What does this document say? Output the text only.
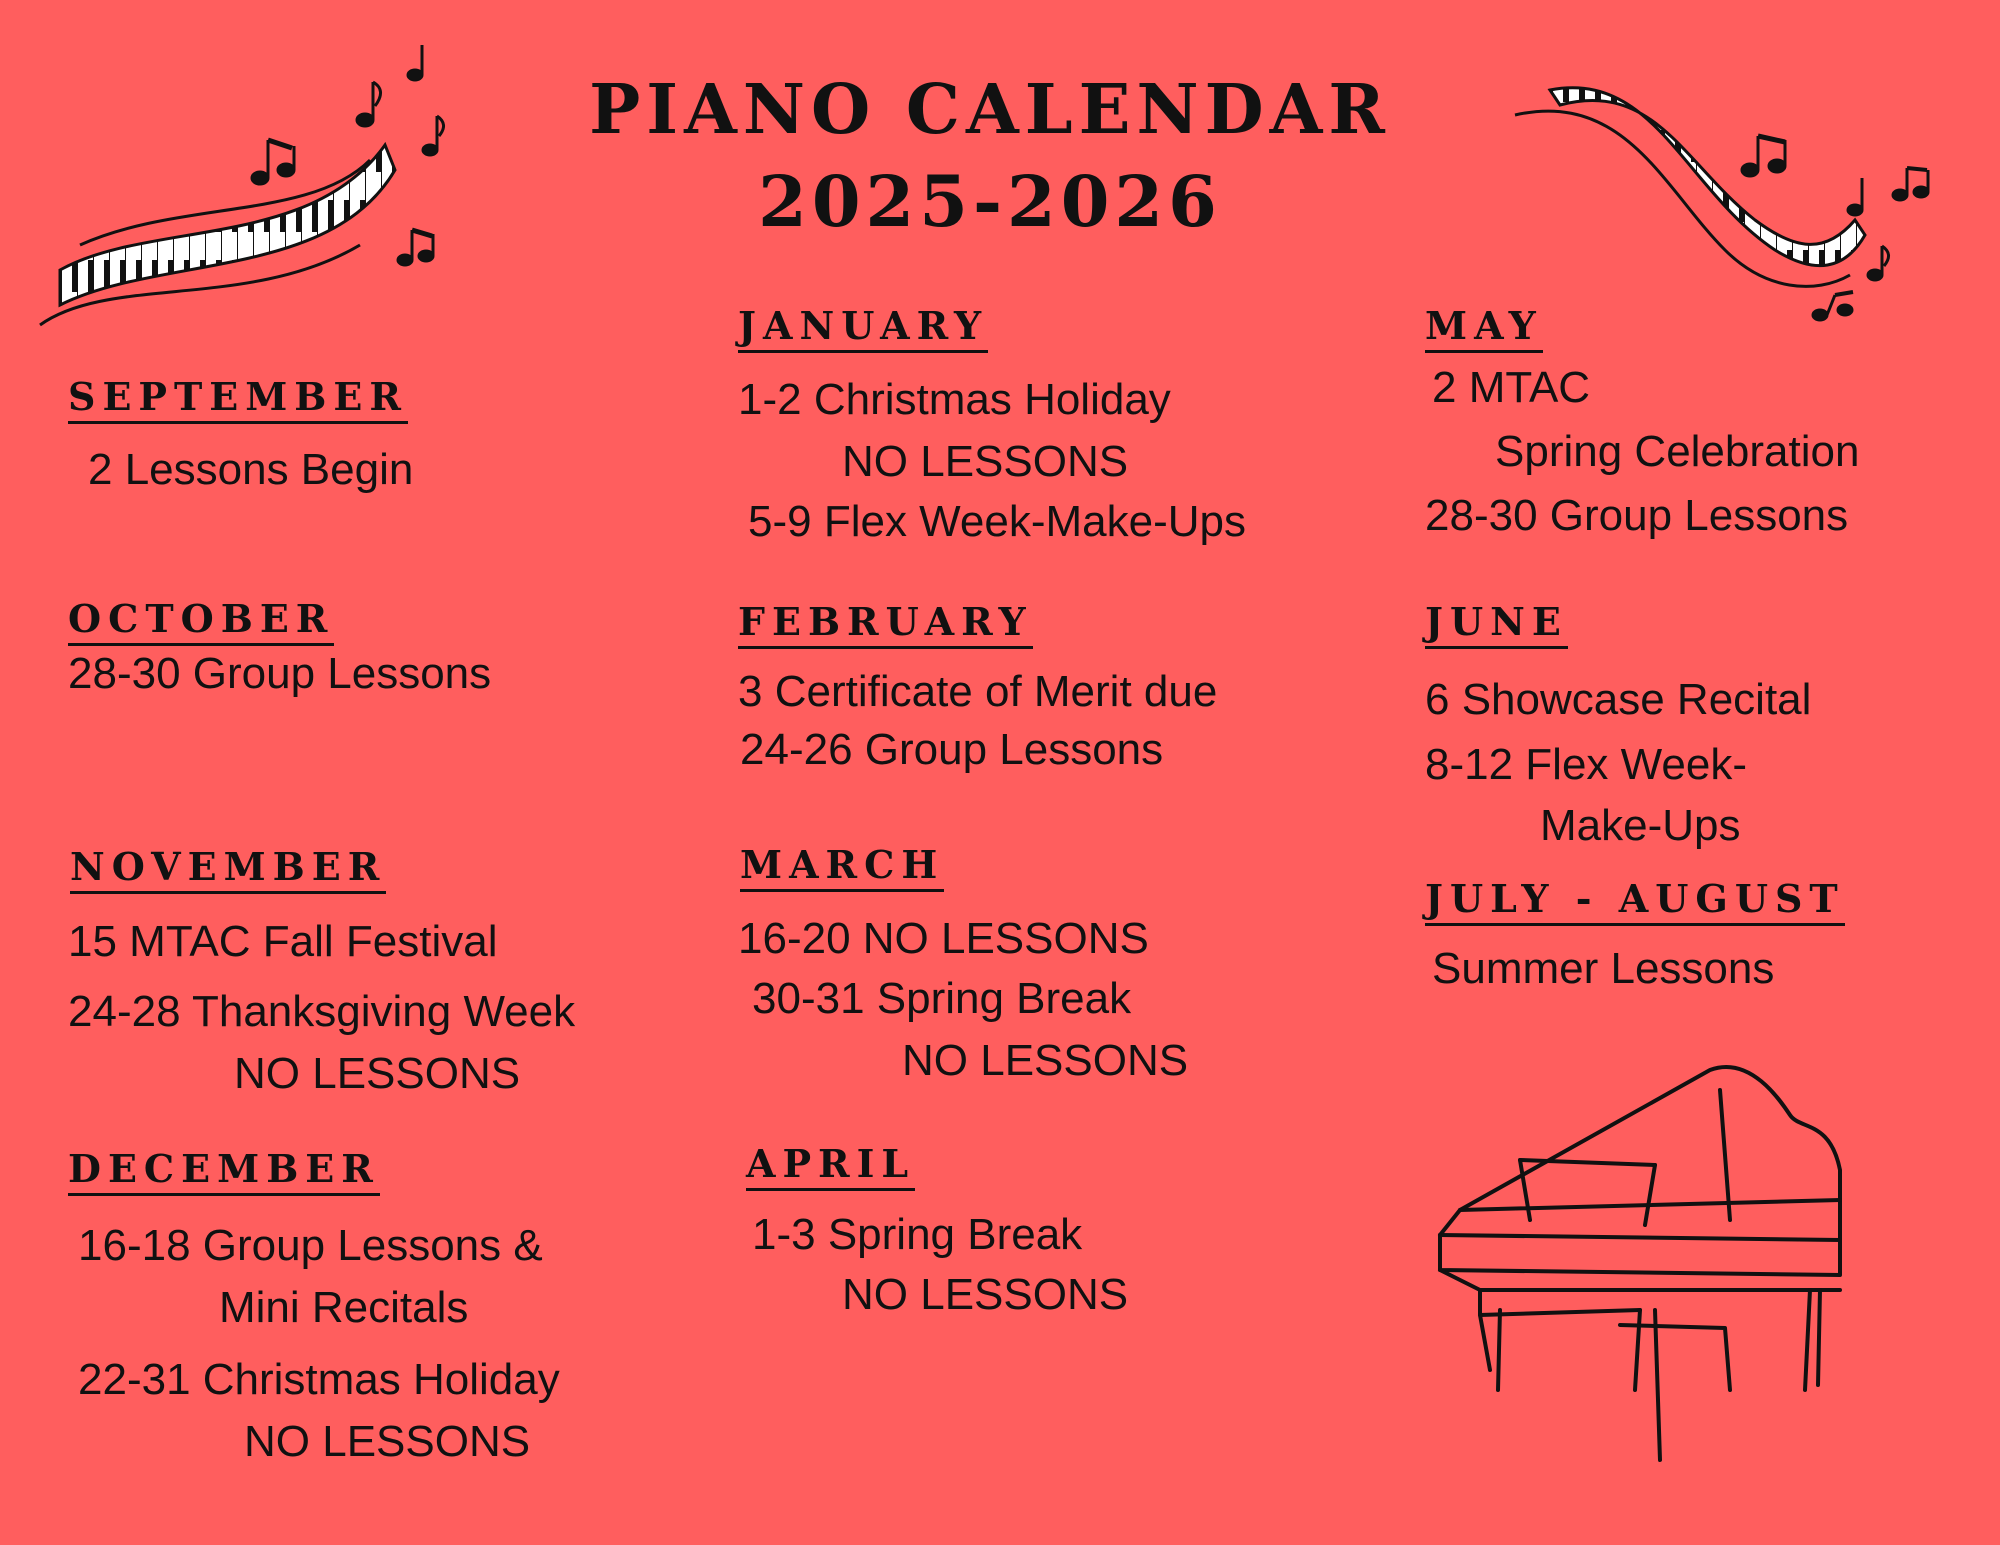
PIANO CALENDAR
2025-2026
SEPTEMBER
2 Lessons Begin
OCTOBER
28-30 Group Lessons
NOVEMBER
15 MTAC Fall Festival
24-28 Thanksgiving Week
NO LESSONS
DECEMBER
16-18 Group Lessons &
Mini Recitals
22-31 Christmas Holiday
NO LESSONS
JANUARY
1-2 Christmas Holiday
NO LESSONS
5-9 Flex Week-Make-Ups
FEBRUARY
3 Certificate of Merit due
24-26 Group Lessons
MARCH
16-20 NO LESSONS
30-31 Spring Break
NO LESSONS
APRIL
1-3 Spring Break
NO LESSONS
MAY
2 MTAC
Spring Celebration
28-30 Group Lessons
JUNE
6 Showcase Recital
8-12 Flex Week-
Make-Ups
JULY - AUGUST
Summer Lessons
